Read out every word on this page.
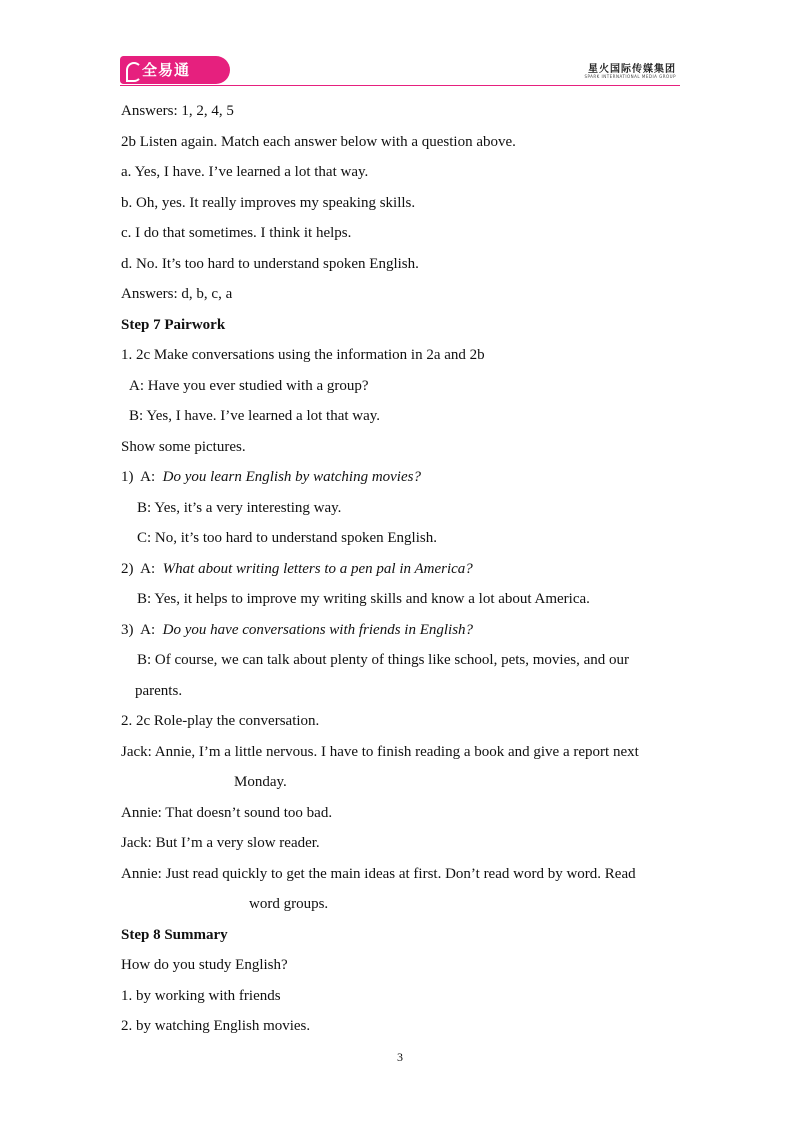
全易通	星火国际传媒集团
SPARK INTERNATIONAL MEDIA GROUP
Answers: 1, 2, 4, 5
2b Listen again. Match each answer below with a question above.
a. Yes, I have. I’ve learned a lot that way.
b. Oh, yes. It really improves my speaking skills.
c. I do that sometimes. I think it helps.
d. No. It’s too hard to understand spoken English.
Answers: d, b, c, a
Step 7 Pairwork
1. 2c Make conversations using the information in 2a and 2b
A: Have you ever studied with a group?
B: Yes, I have. I’ve learned a lot that way.
Show some pictures.
1)  A:  Do you learn English by watching movies?
B: Yes, it’s a very interesting way.
C: No, it’s too hard to understand spoken English.
2)  A:  What about writing letters to a pen pal in America?
B: Yes, it helps to improve my writing skills and know a lot about America.
3)  A:  Do you have conversations with friends in English?
B: Of course, we can talk about plenty of things like school, pets, movies, and our
parents.
2. 2c Role-play the conversation.
Jack: Annie, I’m a little nervous. I have to finish reading a book and give a report next
Monday.
Annie: That doesn’t sound too bad.
Jack: But I’m a very slow reader.
Annie: Just read quickly to get the main ideas at first. Don’t read word by word. Read
word groups.
Step 8 Summary
How do you study English?
1. by working with friends
2. by watching English movies.
3
